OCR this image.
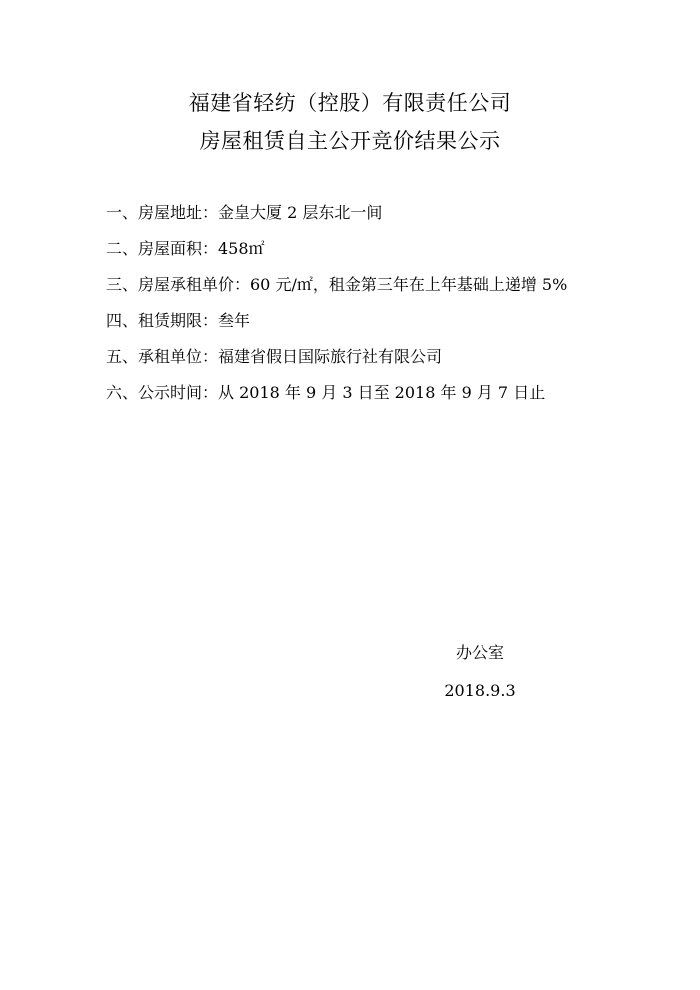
福建省轻纺（控股）有限责任公司
房屋租赁自主公开竞价结果公示
一、房屋地址：金皇大厦 2 层东北一间
二、房屋面积：458㎡
三、房屋承租单价：60 元/㎡，租金第三年在上年基础上递增 5%
四、租赁期限：叁年
五、承租单位：福建省假日国际旅行社有限公司
六、公示时间：从 2018 年 9 月 3 日至 2018 年 9 月 7 日止
办公室
2018.9.3
